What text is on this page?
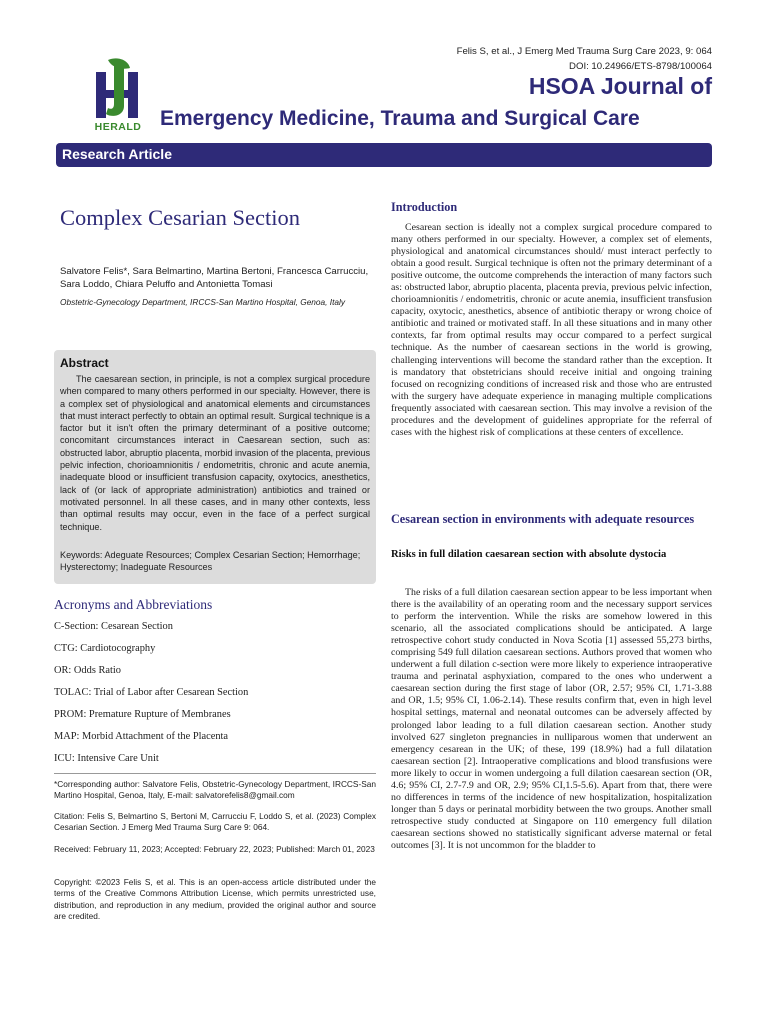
HERALD
Felis S, et al., J Emerg Med Trauma Surg Care 2023, 9: 064
DOI: 10.24966/ETS-8798/100064
HSOA Journal of
Emergency Medicine, Trauma and Surgical Care
Research Article
Complex Cesarian Section
Salvatore Felis*, Sara Belmartino, Martina Bertoni, Francesca Carrucciu, Sara Loddo, Chiara Peluffo and Antonietta Tomasi
Obstetric-Gynecology Department, IRCCS-San Martino Hospital, Genoa, Italy
Abstract
The caesarean section, in principle, is not a complex surgical procedure when compared to many others performed in our specialty. However, there is a complex set of physiological and anatomical elements and circumstances that must interact perfectly to obtain an optimal result. Surgical technique is a factor but it isn't often the primary determinant of a positive outcome; concomitant circumstances interact in Caesarean section, such as: obstructed labor, abruptio placenta, morbid invasion of the placenta, previous pelvic infection, chorioamnionitis / endometritis, chronic and acute anemia, inadequate blood or insufficient transfusion capacity, oxytocics, anesthetics, lack of (or lack of appropriate administration) antibiotics and trained or motivated personnel. In all these cases, and in many other contexts, less than optimal results may occur, even in the face of a perfect surgical technique.
Keywords: Adeguate Resources; Complex Cesarian Section; Hemorrhage; Hysterectomy; Inadeguate Resources
Acronyms and Abbreviations
C-Section: Cesarean Section
CTG: Cardiotocography
OR: Odds Ratio
TOLAC: Trial of Labor after Cesarean Section
PROM: Premature Rupture of Membranes
MAP: Morbid Attachment of the Placenta
ICU: Intensive Care Unit
*Corresponding author: Salvatore Felis, Obstetric-Gynecology Department, IRCCS-San Martino Hospital, Genoa, Italy, E-mail: salvatorefelis8@gmail.com
Citation: Felis S, Belmartino S, Bertoni M, Carrucciu F, Loddo S, et al. (2023) Complex Cesarian Section. J Emerg Med Trauma Surg Care 9: 064.
Received: February 11, 2023; Accepted: February 22, 2023; Published: March 01, 2023
Copyright: ©2023 Felis S, et al. This is an open-access article distributed under the terms of the Creative Commons Attribution License, which permits unrestricted use, distribution, and reproduction in any medium, provided the original author and source are credited.
Introduction
Cesarean section is ideally not a complex surgical procedure compared to many others performed in our specialty. However, a complex set of elements, physiological and anatomical circumstances should/ must interact perfectly to obtain a good result. Surgical technique is often not the primary determinant of a positive outcome, the outcome comprehends the interaction of many factors such as: obstructed labor, abruptio placenta, placenta previa, previous pelvic infection, chorioamnionitis / endometritis, chronic or acute anemia, insufficient transfusion capacity, oxytocic, anesthetics, absence of antibiotic therapy or wrong choice of antibiotic and trained or motivated staff. In all these situations and in many other contexts, far from optimal results may occur compared to a perfect surgical technique. As the number of caesarean sections in the world is growing, challenging interventions will become the standard rather than the exception. It is mandatory that obstetricians should receive initial and ongoing training focused on recognizing conditions of increased risk and those who are entrusted with the surgery have adequate experience in managing multiple complications frequently associated with caesarean section. This may involve a revision of the procedures and the development of guidelines appropriate for the referral of cases with the highest risk of complications at these centers of excellence.
Cesarean section in environments with adequate resources
Risks in full dilation caesarean section with absolute dystocia
The risks of a full dilation caesarean section appear to be less important when there is the availability of an operating room and the necessary support services to perform the intervention. While the risks are somehow lowered in this scenario, all the associated complications should be anticipated. A large retrospective cohort study conducted in Nova Scotia [1] assessed 55,273 births, comprising 549 full dilation caesarean sections. Authors proved that women who underwent a full dilation c-section were more likely to experience intraoperative trauma and perinatal asphyxiation, compared to the ones who underwent a caesarean section during the first stage of labor (OR, 2.57; 95% CI, 1.71-3.88 and OR, 1.5; 95% CI, 1.06-2.14). These results confirm that, even in high level hospital settings, maternal and neonatal outcomes can be adversely affected by prolonged labor leading to a full dilation caesarean section. Another study involved 627 singleton pregnancies in nulliparous women that underwent an emergency cesarean in the UK; of these, 199 (18.9%) had a full dilatation caesarean section [2]. Intraoperative complications and blood transfusions were more likely to occur in women undergoing a full dilation caesarean section (OR, 4.6; 95% CI, 2.7-7.9 and OR, 2.9; 95% CI,1.5-5.6). Apart from that, there were no differences in terms of the incidence of new hospitalization, hospitalization longer than 5 days or perinatal morbidity between the two groups. Another small retrospective study conducted at Singapore on 110 emergency full dilation caesarean sections showed no statistically significant adverse maternal or fetal outcomes [3]. It is not uncommon for the bladder to
